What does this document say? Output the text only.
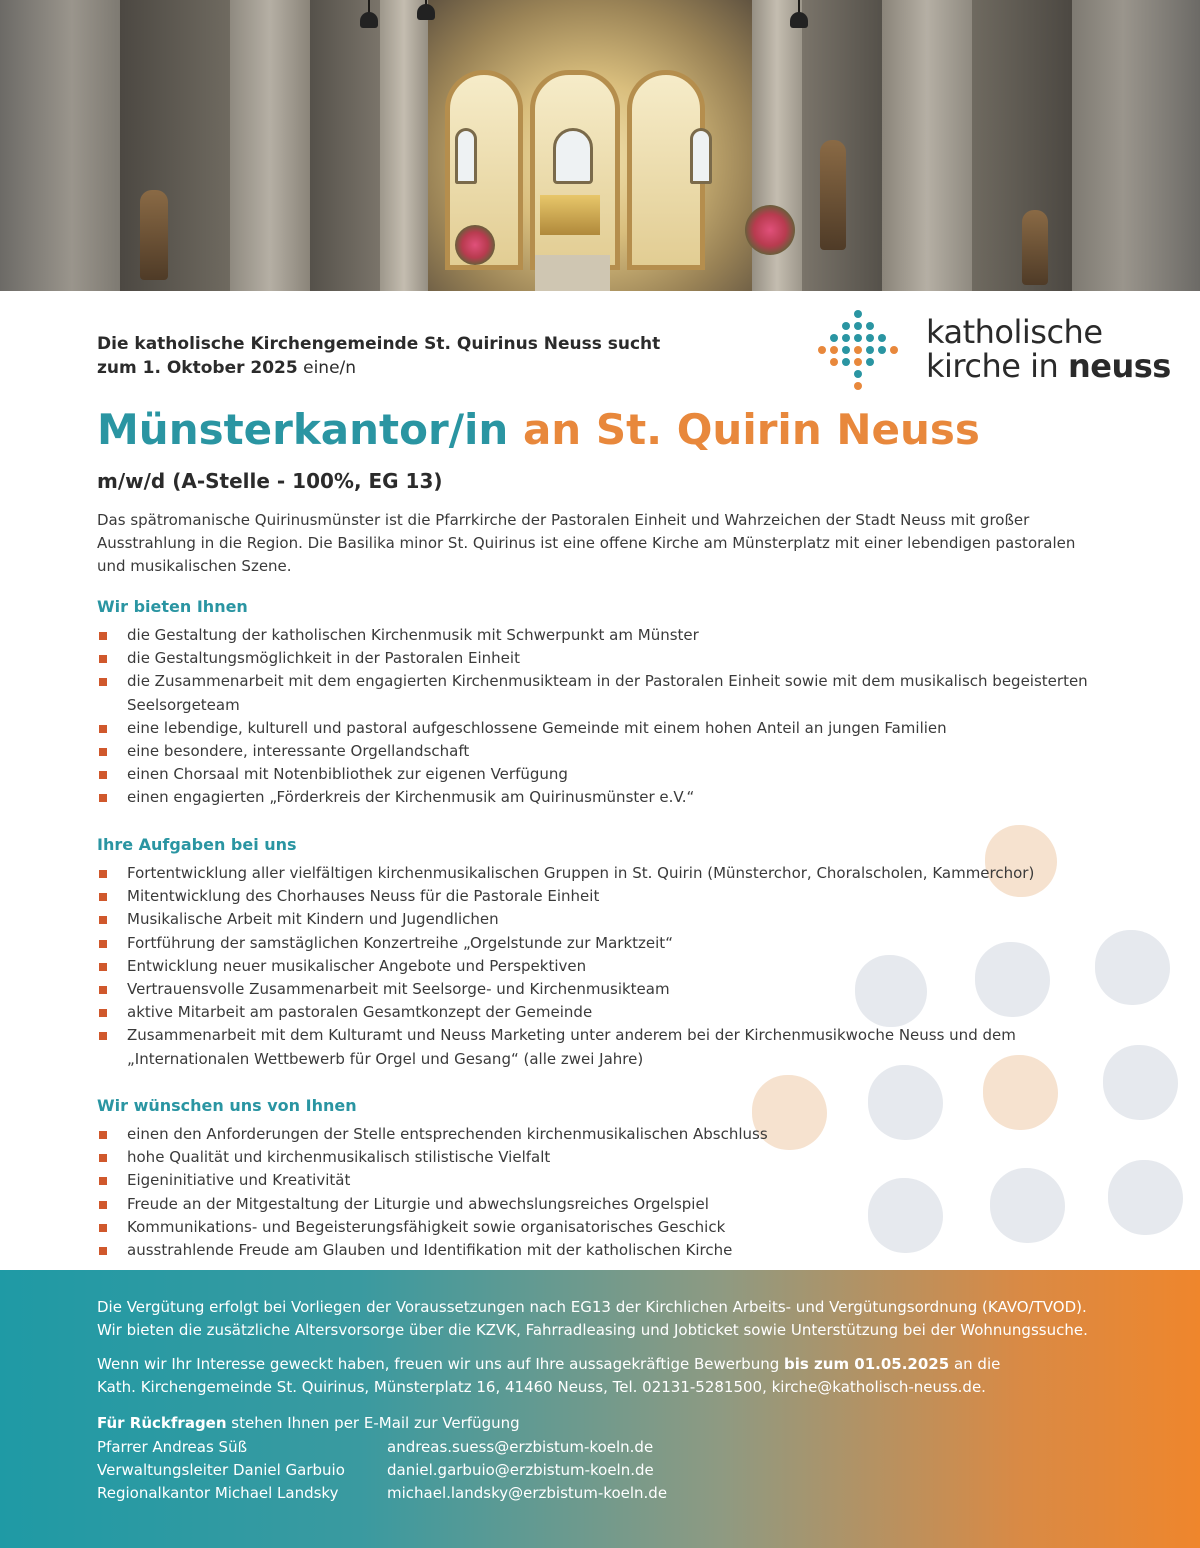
Die katholische Kirchengemeinde St. Quirinus Neuss sucht
zum 1. Oktober 2025 eine/n
katholische
kirche in neuss
Münsterkantor/in an St. Quirin Neuss
m/w/d (A-Stelle - 100%, EG 13)
Das spätromanische Quirinusmünster ist die Pfarrkirche der Pastoralen Einheit und Wahrzeichen der Stadt Neuss mit großer Ausstrahlung in die Region. Die Basilika minor St. Quirinus ist eine offene Kirche am Münsterplatz mit einer lebendigen pastoralen und musikalischen Szene.
Wir bieten Ihnen
die Gestaltung der katholischen Kirchenmusik mit Schwerpunkt am Münster
die Gestaltungsmöglichkeit in der Pastoralen Einheit
die Zusammenarbeit mit dem engagierten Kirchenmusikteam in der Pastoralen Einheit sowie mit dem musikalisch begeisterten Seelsorgeteam
eine lebendige, kulturell und pastoral aufgeschlossene Gemeinde mit einem hohen Anteil an jungen Familien
eine besondere, interessante Orgellandschaft
einen Chorsaal mit Notenbibliothek zur eigenen Verfügung
einen engagierten „Förderkreis der Kirchenmusik am Quirinusmünster e.V.“
Ihre Aufgaben bei uns
Fortentwicklung aller vielfältigen kirchenmusikalischen Gruppen in St. Quirin (Münsterchor, Choralscholen, Kammerchor)
Mitentwicklung des Chorhauses Neuss für die Pastorale Einheit
Musikalische Arbeit mit Kindern und Jugendlichen
Fortführung der samstäglichen Konzertreihe „Orgelstunde zur Marktzeit“
Entwicklung neuer musikalischer Angebote und Perspektiven
Vertrauensvolle Zusammenarbeit mit Seelsorge- und Kirchenmusikteam
aktive Mitarbeit am pastoralen Gesamtkonzept der Gemeinde
Zusammenarbeit mit dem Kulturamt und Neuss Marketing unter anderem bei der Kirchenmusikwoche Neuss und dem „Internationalen Wettbewerb für Orgel und Gesang“ (alle zwei Jahre)
Wir wünschen uns von Ihnen
einen den Anforderungen der Stelle entsprechenden kirchenmusikalischen Abschluss
hohe Qualität und kirchenmusikalisch stilistische Vielfalt
Eigeninitiative und Kreativität
Freude an der Mitgestaltung der Liturgie und abwechslungsreiches Orgelspiel
Kommunikations- und Begeisterungsfähigkeit sowie organisatorisches Geschick
ausstrahlende Freude am Glauben und Identifikation mit der katholischen Kirche

Die Vergütung erfolgt bei Vorliegen der Voraussetzungen nach EG13 der Kirchlichen Arbeits- und Vergütungsordnung (KAVO/TVOD).
Wir bieten die zusätzliche Altersvorsorge über die KZVK, Fahrradleasing und Jobticket sowie Unterstützung bei der Wohnungssuche.

Wenn wir Ihr Interesse geweckt haben, freuen wir uns auf Ihre aussagekräftige Bewerbung bis zum 01.05.2025 an die
Kath. Kirchengemeinde St. Quirinus, Münsterplatz 16, 41460 Neuss, Tel. 02131-5281500, kirche@katholisch-neuss.de.

Für Rückfragen stehen Ihnen per E-Mail zur Verfügung

Pfarrer Andreas Süß	andreas.suess@erzbistum-koeln.de
Verwaltungsleiter Daniel Garbuio	daniel.garbuio@erzbistum-koeln.de
Regionalkantor Michael Landsky	michael.landsky@erzbistum-koeln.de
